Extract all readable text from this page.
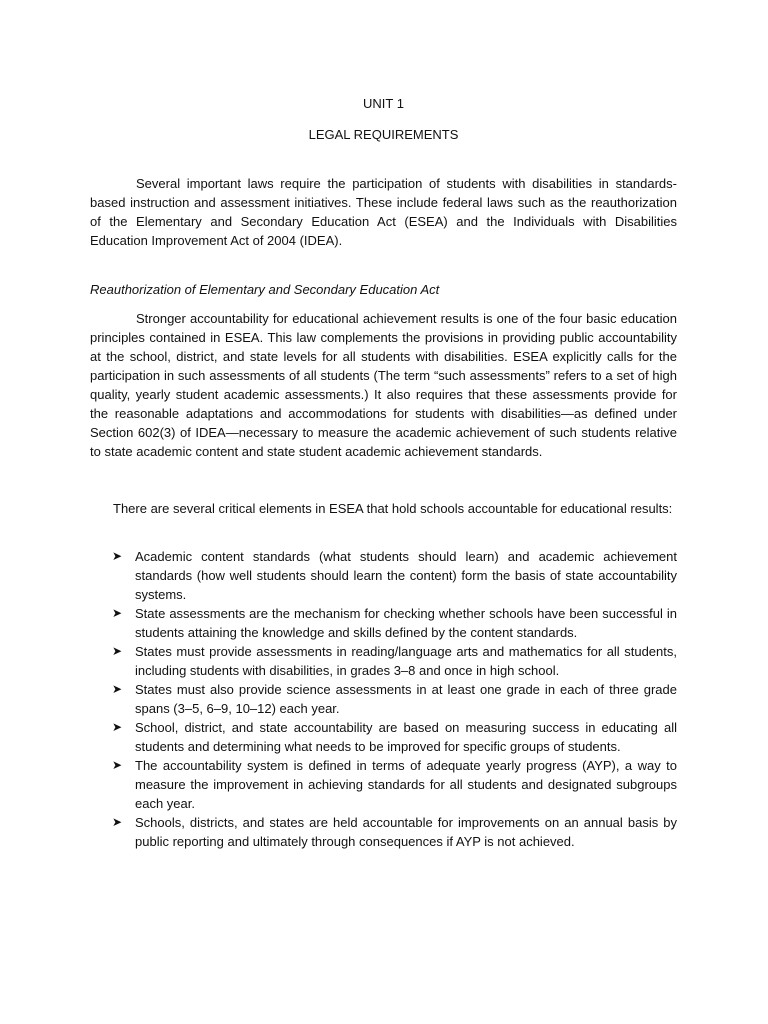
UNIT 1
LEGAL REQUIREMENTS
Several important laws require the participation of students with disabilities in standards-based instruction and assessment initiatives. These include federal laws such as the reauthorization of the Elementary and Secondary Education Act (ESEA) and the Individuals with Disabilities Education Improvement Act of 2004 (IDEA).
Reauthorization of Elementary and Secondary Education Act
Stronger accountability for educational achievement results is one of the four basic education principles contained in ESEA. This law complements the provisions in providing public accountability at the school, district, and state levels for all students with disabilities. ESEA explicitly calls for the participation in such assessments of all students (The term “such assessments” refers to a set of high quality, yearly student academic assessments.) It also requires that these assessments provide for the reasonable adaptations and accommodations for students with disabilities—as defined under Section 602(3) of IDEA—necessary to measure the academic achievement of such students relative to state academic content and state student academic achievement standards.
There are several critical elements in ESEA that hold schools accountable for educational results:
➤ Academic content standards (what students should learn) and academic achievement standards (how well students should learn the content) form the basis of state accountability systems.
➤ State assessments are the mechanism for checking whether schools have been successful in students attaining the knowledge and skills defined by the content standards.
➤ States must provide assessments in reading/language arts and mathematics for all students, including students with disabilities, in grades 3–8 and once in high school.
➤ States must also provide science assessments in at least one grade in each of three grade spans (3–5, 6–9, 10–12) each year.
➤ School, district, and state accountability are based on measuring success in educating all students and determining what needs to be improved for specific groups of students.
➤ The accountability system is defined in terms of adequate yearly progress (AYP), a way to measure the improvement in achieving standards for all students and designated subgroups each year.
➤ Schools, districts, and states are held accountable for improvements on an annual basis by public reporting and ultimately through consequences if AYP is not achieved.
